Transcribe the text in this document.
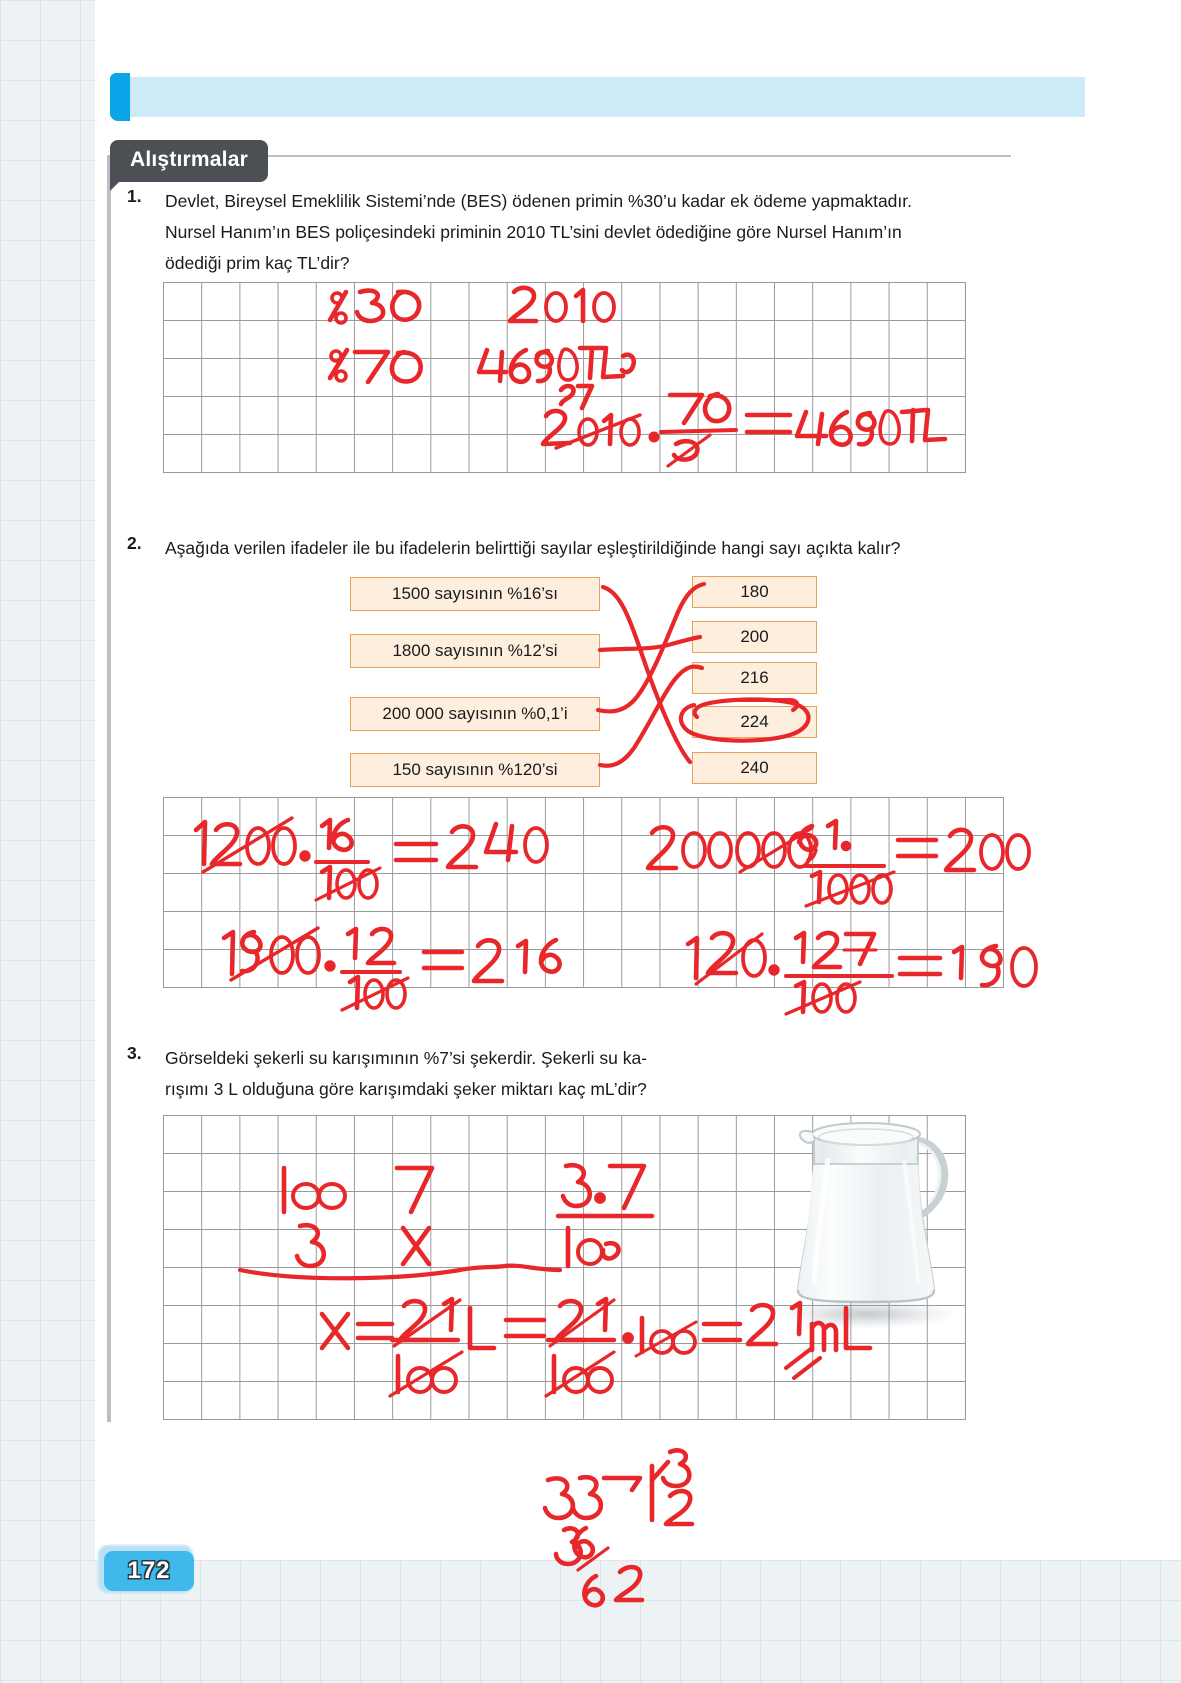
Alıştırmalar
1. Devlet, Bireysel Emeklilik Sistemi’nde (BES) ödenen primin %30’u kadar ek ödeme yapmaktadır.
Nursel Hanım’ın BES poliçesindeki priminin 2010 TL’sini devlet ödediğine göre Nursel Hanım’ın
ödediği prim kaç TL’dir?
2. Aşağıda verilen ifadeler ile bu ifadelerin belirttiği sayılar eşleştirildiğinde hangi sayı açıkta kalır?
1500 sayısının %16’sı
1800 sayısının %12’si
200 000 sayısının %0,1’i
150 sayısının %120’si
180
200
216
224
240
3. Görseldeki şekerli su karışımının %7’si şekerdir. Şekerli su ka-
rışımı 3 L olduğuna göre karışımdaki şeker miktarı kaç mL’dir?
172
